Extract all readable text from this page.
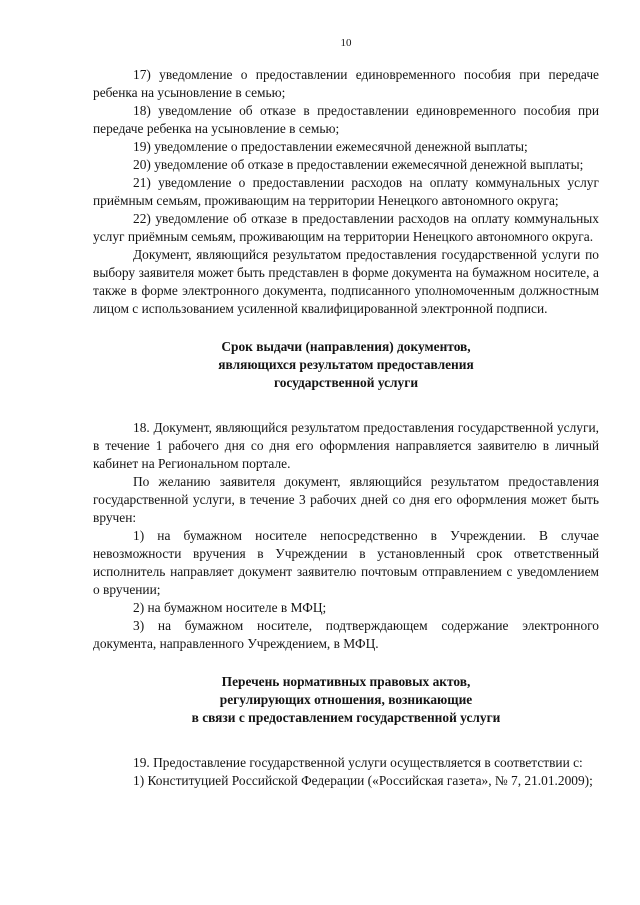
10

17) уведомление о предоставлении единовременного пособия при передаче ребенка на усыновление в семью;

18) уведомление об отказе в предоставлении единовременного пособия при передаче ребенка на усыновление в семью;

19) уведомление о предоставлении ежемесячной денежной выплаты;

20) уведомление об отказе в предоставлении ежемесячной денежной выплаты;

21) уведомление о предоставлении расходов на оплату коммунальных услуг приёмным семьям, проживающим на территории Ненецкого автономного округа;

22) уведомление об отказе в предоставлении расходов на оплату коммунальных услуг приёмным семьям, проживающим на территории Ненецкого автономного округа.

Документ, являющийся результатом предоставления государственной услуги по выбору заявителя может быть представлен в форме документа на бумажном носителе, а также в форме электронного документа, подписанного уполномоченным должностным лицом с использованием усиленной квалифицированной электронной подписи.

Срок выдачи (направления) документов,
являющихся результатом предоставления
государственной услуги

18. Документ, являющийся результатом предоставления государственной услуги, в течение 1 рабочего дня со дня его оформления направляется заявителю в личный кабинет на Региональном портале.

По желанию заявителя документ, являющийся результатом предоставления государственной услуги, в течение 3 рабочих дней со дня его оформления может быть вручен:

1) на бумажном носителе непосредственно в Учреждении. В случае невозможности вручения в Учреждении в установленный срок ответственный исполнитель направляет документ заявителю почтовым отправлением с уведомлением о вручении;

2) на бумажном носителе в МФЦ;

3) на бумажном носителе, подтверждающем содержание электронного документа, направленного Учреждением, в МФЦ.

Перечень нормативных правовых актов,
регулирующих отношения, возникающие
в связи с предоставлением государственной услуги

19. Предоставление государственной услуги осуществляется в соответствии с:

1) Конституцией Российской Федерации («Российская газета», № 7, 21.01.2009);
